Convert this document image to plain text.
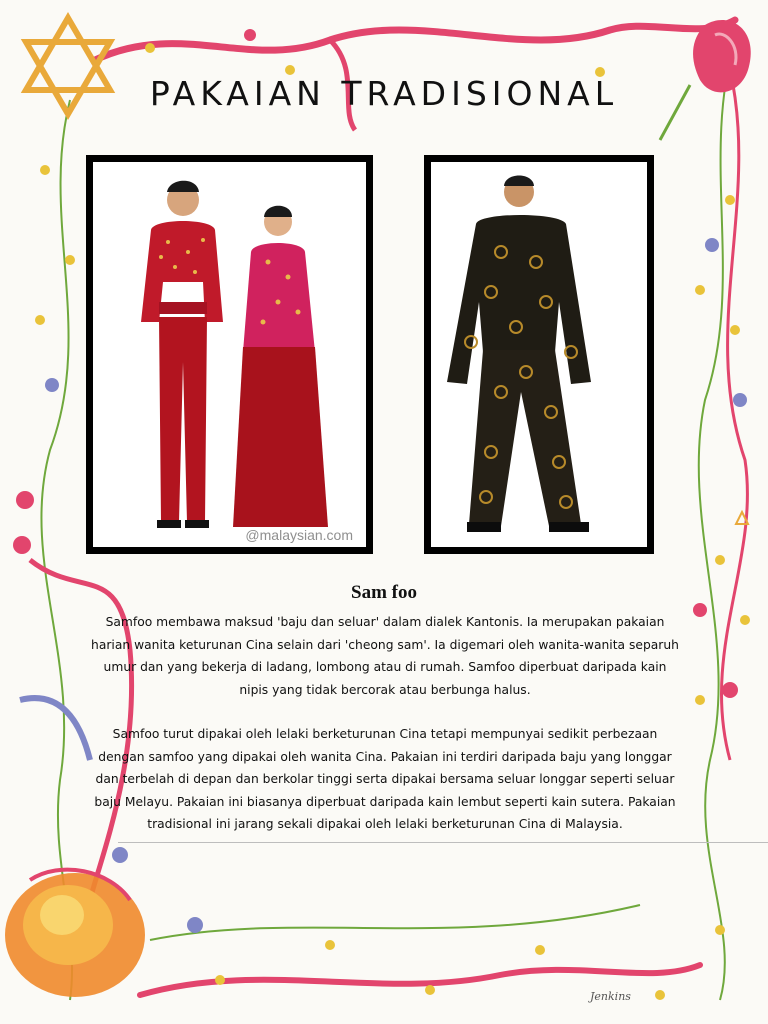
Jenkins
PAKAIAN TRADISIONAL
@malaysian.com
Sam foo

Samfoo membawa maksud 'baju dan seluar' dalam dialek Kantonis. Ia merupakan pakaian harian wanita keturunan Cina selain dari 'cheong sam'. Ia digemari oleh wanita-wanita separuh umur dan yang bekerja di ladang, lombong atau di rumah. Samfoo diperbuat daripada kain nipis yang tidak bercorak atau berbunga halus.

Samfoo turut dipakai oleh lelaki berketurunan Cina tetapi mempunyai sedikit perbezaan dengan samfoo yang dipakai oleh wanita Cina. Pakaian ini terdiri daripada baju yang longgar dan terbelah di depan dan berkolar tinggi serta dipakai bersama seluar longgar seperti seluar baju Melayu. Pakaian ini biasanya diperbuat daripada kain lembut seperti kain sutera. Pakaian tradisional ini jarang sekali dipakai oleh lelaki berketurunan Cina di Malaysia.
